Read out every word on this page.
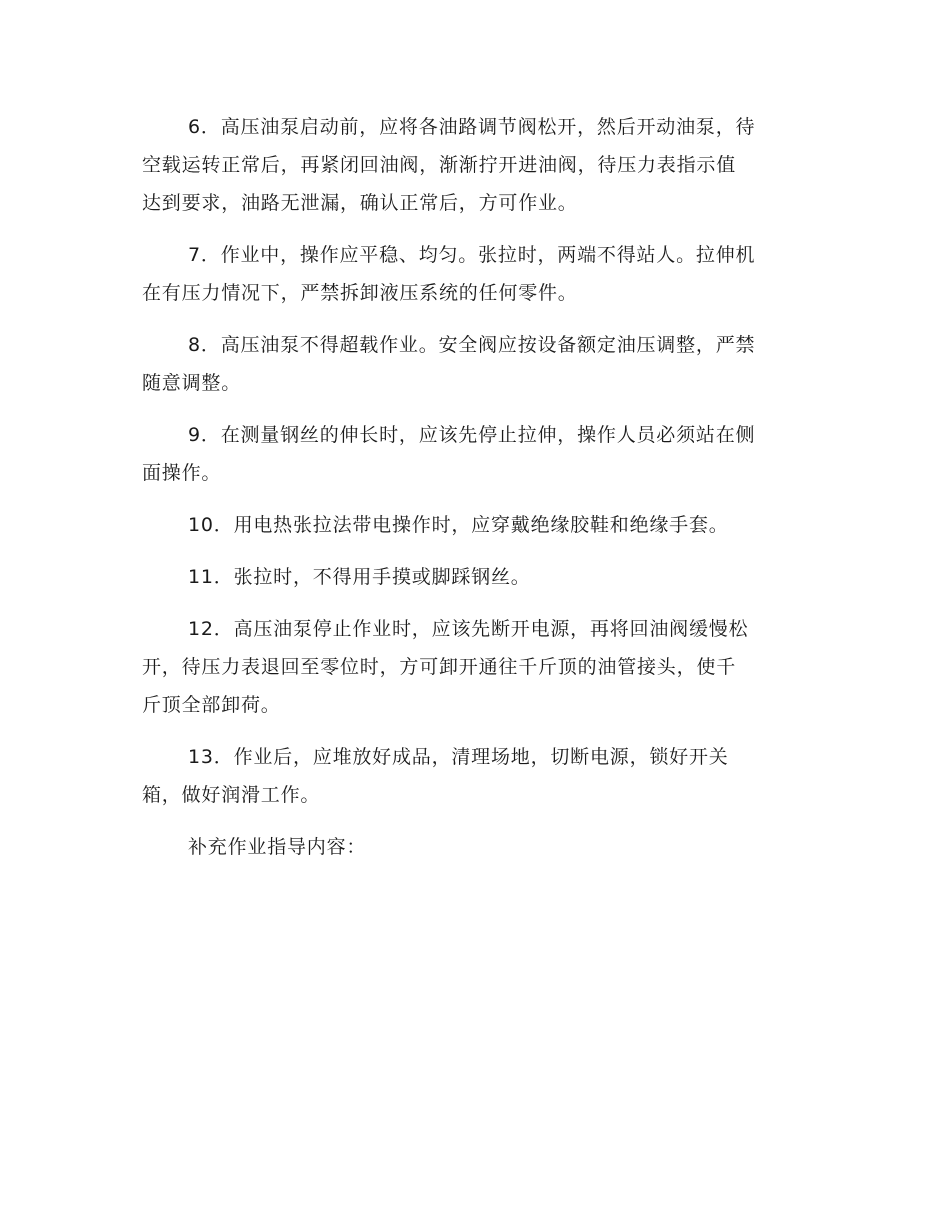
6．高压油泵启动前，应将各油路调节阀松开，然后开动油泵，待
空载运转正常后，再紧闭回油阀，渐渐拧开进油阀，待压力表指示值
达到要求，油路无泄漏，确认正常后，方可作业。

7．作业中，操作应平稳、均匀。张拉时，两端不得站人。拉伸机
在有压力情况下，严禁拆卸液压系统的任何零件。

8．高压油泵不得超载作业。安全阀应按设备额定油压调整，严禁
随意调整。

9．在测量钢丝的伸长时，应该先停止拉伸，操作人员必须站在侧
面操作。

10．用电热张拉法带电操作时，应穿戴绝缘胶鞋和绝缘手套。

11．张拉时，不得用手摸或脚踩钢丝。

12．高压油泵停止作业时，应该先断开电源，再将回油阀缓慢松
开，待压力表退回至零位时，方可卸开通往千斤顶的油管接头，使千
斤顶全部卸荷。

13．作业后，应堆放好成品，清理场地，切断电源，锁好开关
箱，做好润滑工作。

补充作业指导内容：
